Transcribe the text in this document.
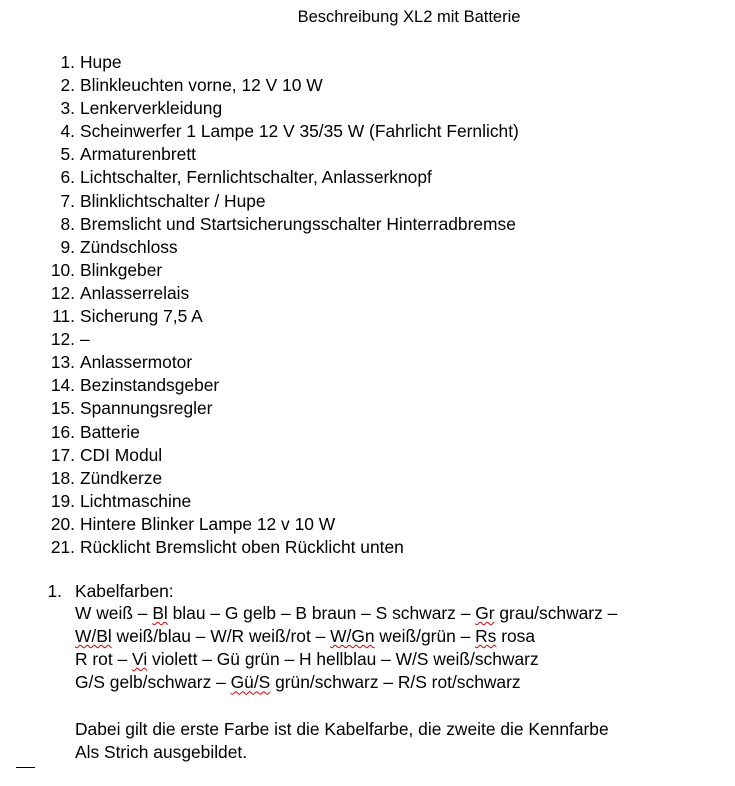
Beschreibung XL2 mit Batterie
1. Hupe
2. Blinkleuchten vorne, 12 V 10 W
3. Lenkerverkleidung
4. Scheinwerfer 1 Lampe 12 V 35/35 W (Fahrlicht Fernlicht)
5. Armaturenbrett
6. Lichtschalter, Fernlichtschalter, Anlasserknopf
7. Blinklichtschalter / Hupe
8. Bremslicht und Startsicherungsschalter Hinterradbremse
9. Zündschloss
10. Blinkgeber
12. Anlasserrelais
11. Sicherung 7,5 A
12. –
13. Anlassermotor
14. Bezinstandsgeber
15. Spannungsregler
16. Batterie
17. CDI Modul
18. Zündkerze
19. Lichtmaschine
20. Hintere Blinker Lampe 12 v 10 W
21. Rücklicht Bremslicht oben Rücklicht unten
1. Kabelfarben:
W weiß – Bl blau – G gelb – B braun – S schwarz – Gr grau/schwarz –
W/Bl weiß/blau – W/R weiß/rot – W/Gn weiß/grün – Rs rosa
R rot – Vi violett – Gü grün – H hellblau – W/S weiß/schwarz
G/S gelb/schwarz – Gü/S grün/schwarz – R/S rot/schwarz
Dabei gilt die erste Farbe ist die Kabelfarbe, die zweite die Kennfarbe
Als Strich ausgebildet.
